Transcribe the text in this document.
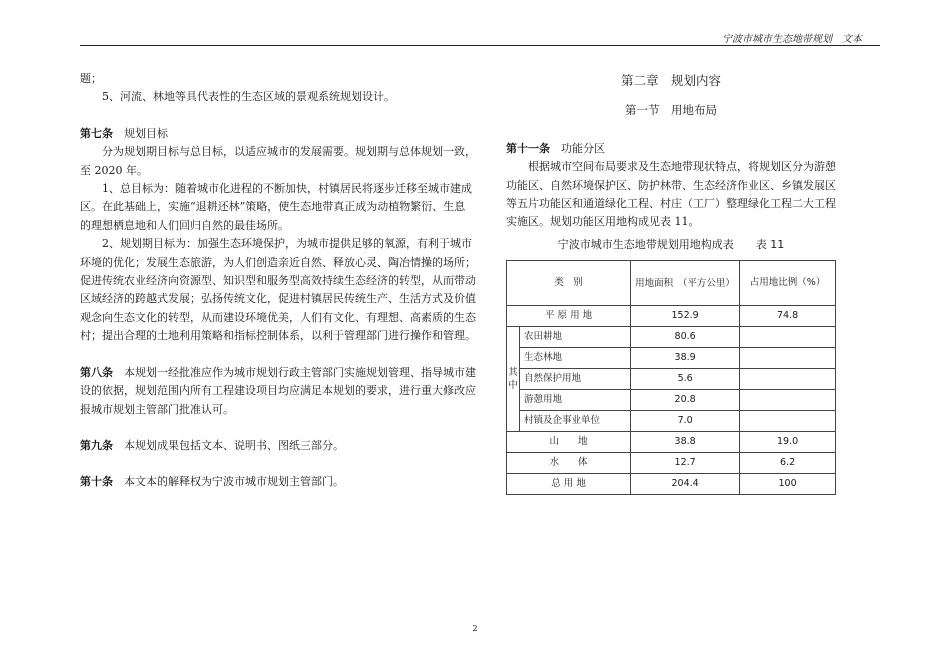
宁波市城市生态地带规划　文本

题；

5、河流、林地等具代表性的生态区域的景观系统规划设计。

第七条　 规划目标

分为规划期目标与总目标，以适应城市的发展需要。规划期与总体规划一致，至 2020 年。

1、总目标为：随着城市化进程的不断加快，村镇居民将逐步迁移至城市建成区。在此基础上，实施“退耕还林”策略，使生态地带真正成为动植物繁衍、生息的理想栖息地和人们回归自然的最佳场所。

2、规划期目标为：加强生态环境保护，为城市提供足够的氧源，有利于城市环境的优化；发展生态旅游，为人们创造亲近自然、释放心灵、陶冶情操的场所；促进传统农业经济向资源型、知识型和服务型高效持续生态经济的转型，从而带动区域经济的跨越式发展；弘扬传统文化，促进村镇居民传统生产、生活方式及价值观念向生态文化的转型，从而建设环境优美，人们有文化、有理想、高素质的生态村；提出合理的土地利用策略和指标控制体系，以利于管理部门进行操作和管理。

第八条　 本规划一经批准应作为城市规划行政主管部门实施规划管理、指导城市建设的依据，规划范围内所有工程建设项目均应满足本规划的要求，进行重大修改应报城市规划主管部门批准认可。

第九条　 本规划成果包括文本、说明书、图纸三部分。

第十条　 本文本的解释权为宁波市城市规划主管部门。

第二章　规划内容
第一节　用地布局

第十一条　 功能分区

根据城市空间布局要求及生态地带现状特点，将规划区分为游憩功能区、自然环境保护区、防护林带、生态经济作业区、乡镇发展区等五片功能区和通道绿化工程、村庄（工厂）整理绿化工程二大工程实施区。规划功能区用地构成见表 11。

宁波市城市生态地带规划用地构成表　　表 11
类　别		用地面积　（平方公里）	占用地比例（%）
平 原 用 地		152.9	74.8
其中	农田耕地	80.6	
	生态林地	38.9	
	自然保护用地	5.6	
	游憩用地	20.8	
	村镇及企事业单位	7.0	
山　　地		38.8	19.0
水　　体		12.7	6.2
总 用 地		204.4	100
2
